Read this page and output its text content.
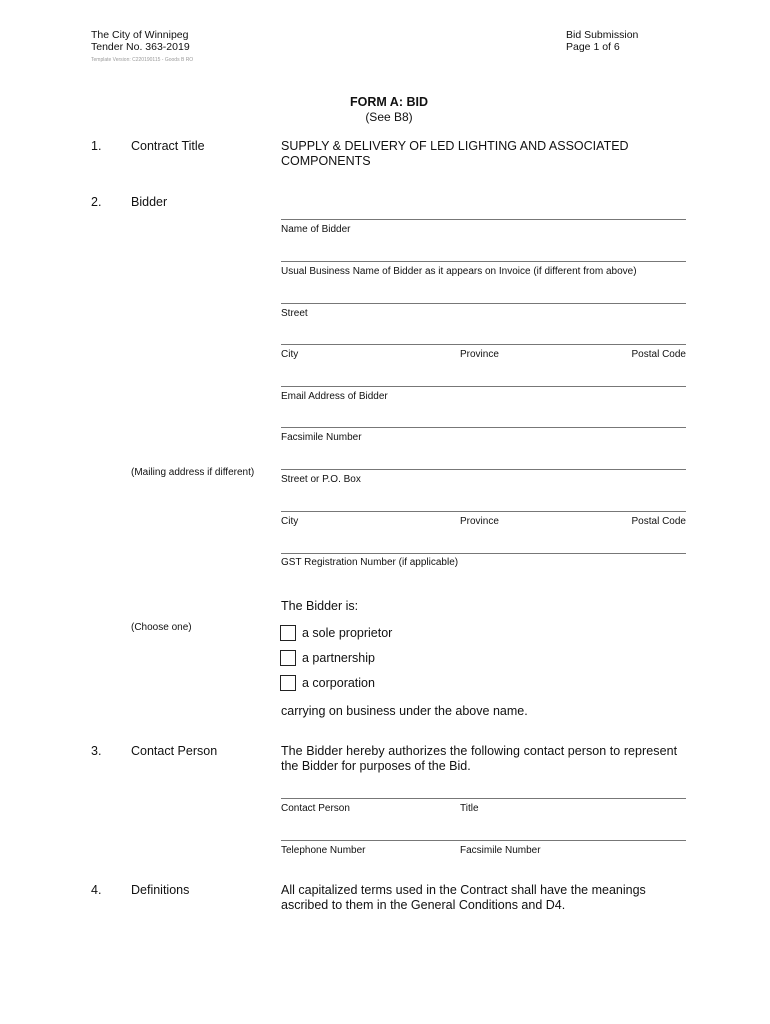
The City of Winnipeg
Tender No. 363-2019
Template Version: C220190115 - Goods B RO
Bid Submission
Page 1 of 6
FORM A: BID
(See B8)
1. Contract Title	SUPPLY & DELIVERY OF LED LIGHTING AND ASSOCIATED
COMPONENTS
2. Bidder
Name of Bidder
Usual Business Name of Bidder as it appears on Invoice (if different from above)
Street
City	Province	Postal Code
Email Address of Bidder
Facsimile Number
(Mailing address if different)
Street or P.O. Box
City	Province	Postal Code
GST Registration Number (if applicable)
The Bidder is:
(Choose one)	a sole proprietor
a partnership
a corporation
carrying on business under the above name.
3. Contact Person	The Bidder hereby authorizes the following contact person to represent
the Bidder for purposes of the Bid.
Contact Person	Title
Telephone Number	Facsimile Number
4. Definitions	All capitalized terms used in the Contract shall have the meanings
ascribed to them in the General Conditions and D4.
